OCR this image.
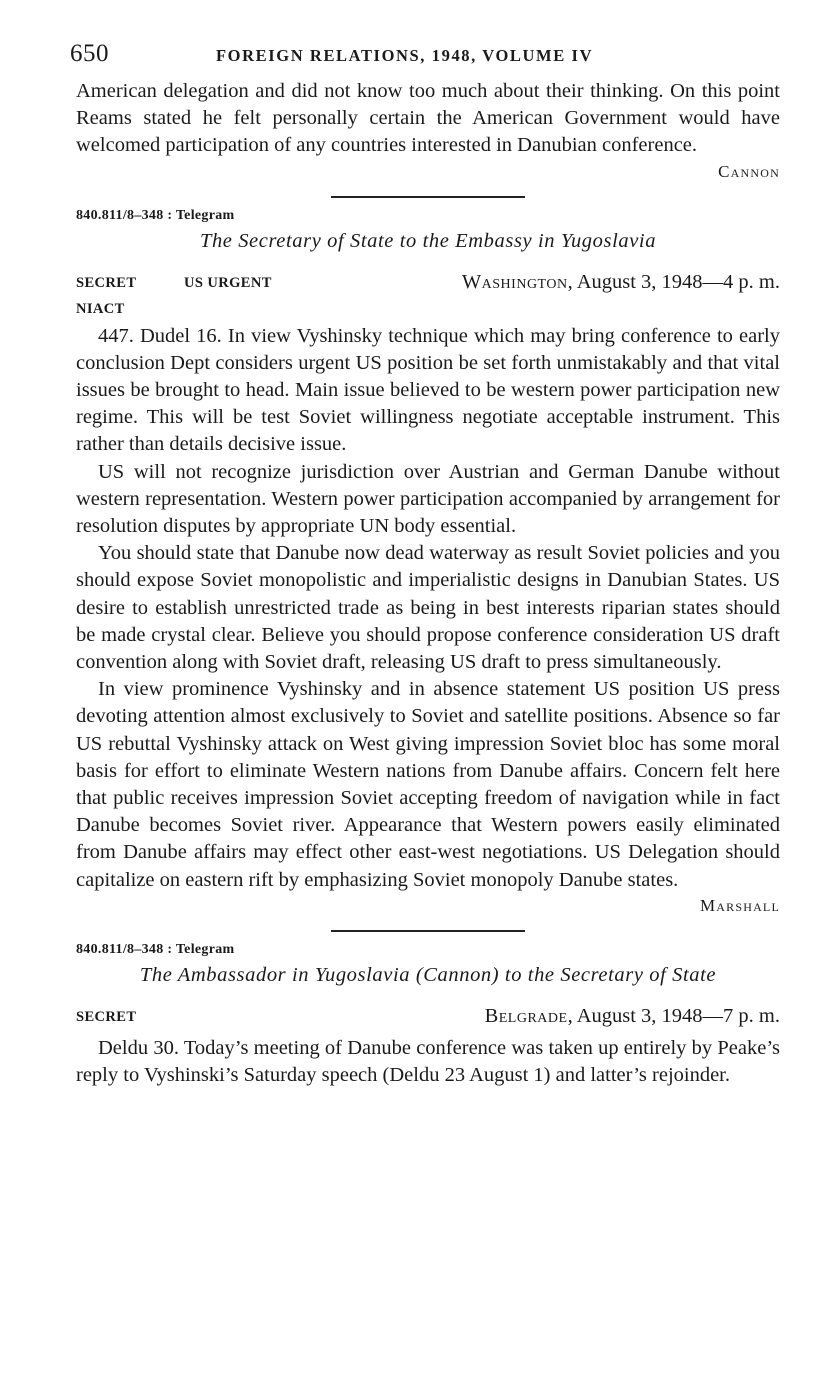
650	FOREIGN RELATIONS, 1948, VOLUME IV

American delegation and did not know too much about their thinking. On this point Reams stated he felt personally certain the American Government would have welcomed participation of any countries interested in Danubian conference.

Cannon
840.811/8–348 : Telegram
The Secretary of State to the Embassy in Yugoslavia
SECRET	US URGENT	Washington, August 3, 1948—4 p. m.
NIACT

447. Dudel 16. In view Vyshinsky technique which may bring conference to early conclusion Dept considers urgent US position be set forth unmistakably and that vital issues be brought to head. Main issue believed to be western power participation new regime. This will be test Soviet willingness negotiate acceptable instrument. This rather than details decisive issue.

US will not recognize jurisdiction over Austrian and German Danube without western representation. Western power participation accompanied by arrangement for resolution disputes by appropriate UN body essential.

You should state that Danube now dead waterway as result Soviet policies and you should expose Soviet monopolistic and imperialistic designs in Danubian States. US desire to establish unrestricted trade as being in best interests riparian states should be made crystal clear. Believe you should propose conference consideration US draft convention along with Soviet draft, releasing US draft to press simultaneously.

In view prominence Vyshinsky and in absence statement US position US press devoting attention almost exclusively to Soviet and satellite positions. Absence so far US rebuttal Vyshinsky attack on West giving impression Soviet bloc has some moral basis for effort to eliminate Western nations from Danube affairs. Concern felt here that public receives impression Soviet accepting freedom of navigation while in fact Danube becomes Soviet river. Appearance that Western powers easily eliminated from Danube affairs may effect other east-west negotiations. US Delegation should capitalize on eastern rift by emphasizing Soviet monopoly Danube states.

Marshall
840.811/8–348 : Telegram
The Ambassador in Yugoslavia (Cannon) to the Secretary of State
SECRET	Belgrade, August 3, 1948—7 p. m.

Deldu 30. Today’s meeting of Danube conference was taken up entirely by Peake’s reply to Vyshinski’s Saturday speech (Deldu 23 August 1) and latter’s rejoinder.
